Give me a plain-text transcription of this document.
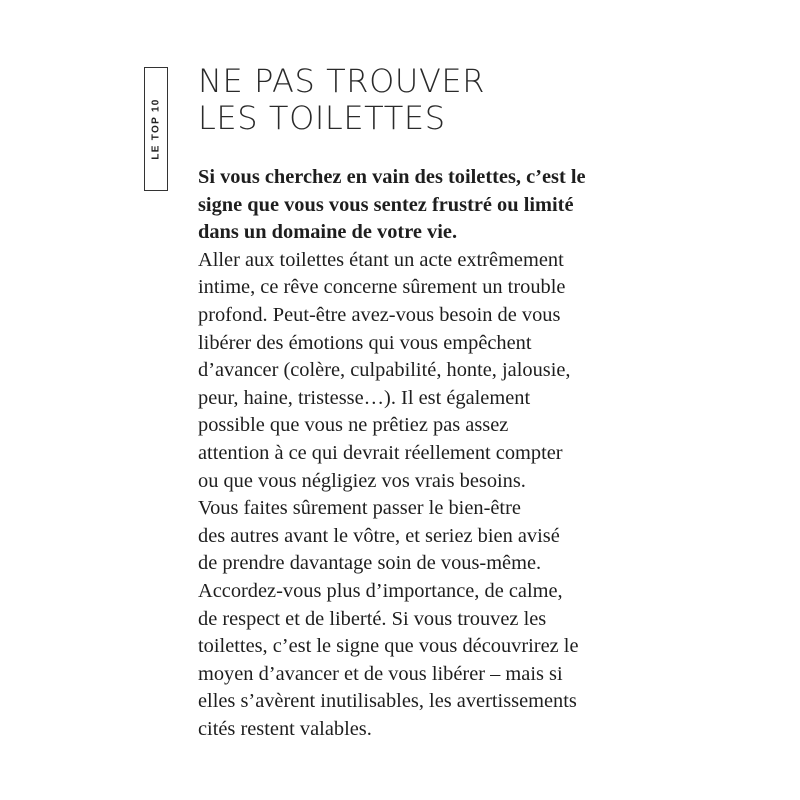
LE TOP 10
NE PAS TROUVER
LES TOILETTES
Si vous cherchez en vain des toilettes, c’est le
signe que vous vous sentez frustré ou limité
dans un domaine de votre vie.
Aller aux toilettes étant un acte extrêmement
intime, ce rêve concerne sûrement un trouble
profond. Peut-être avez-vous besoin de vous
libérer des émotions qui vous empêchent
d’avancer (colère, culpabilité, honte, jalousie,
peur, haine, tristesse…). Il est également
possible que vous ne prêtiez pas assez
attention à ce qui devrait réellement compter
ou que vous négligiez vos vrais besoins.
Vous faites sûrement passer le bien-être
des autres avant le vôtre, et seriez bien avisé
de prendre davantage soin de vous-même.
Accordez-vous plus d’importance, de calme,
de respect et de liberté. Si vous trouvez les
toilettes, c’est le signe que vous découvrirez le
moyen d’avancer et de vous libérer – mais si
elles s’avèrent inutilisables, les avertissements
cités restent valables.
